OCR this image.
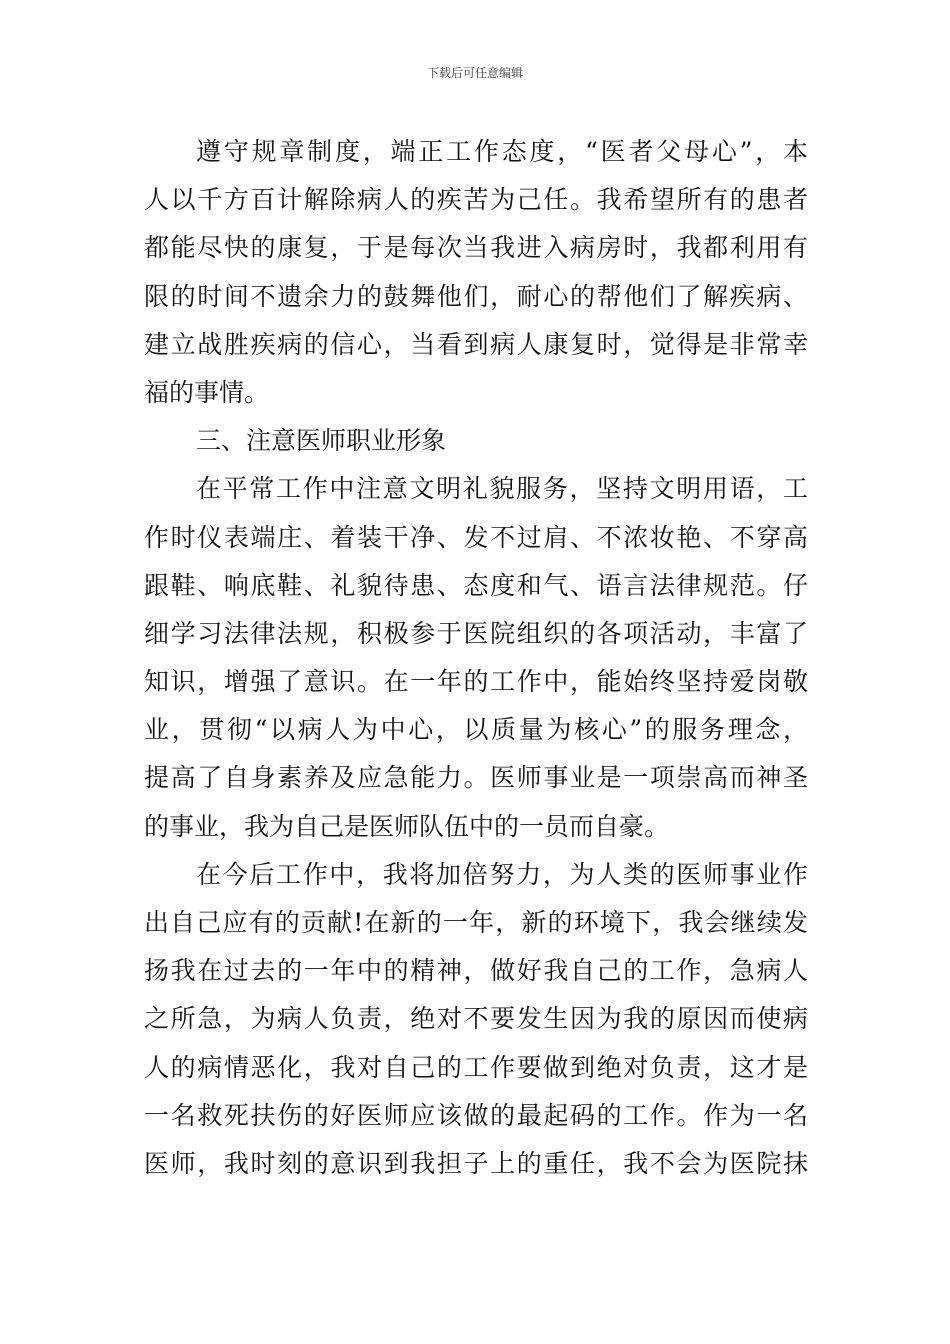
下载后可任意编辑
遵守规章制度，端正工作态度，“医者父母心”，本
人以千方百计解除病人的疾苦为己任。我希望所有的患者
都能尽快的康复，于是每次当我进入病房时，我都利用有
限的时间不遗余力的鼓舞他们，耐心的帮他们了解疾病、
建立战胜疾病的信心，当看到病人康复时，觉得是非常幸
福的事情。
三、注意医师职业形象
在平常工作中注意文明礼貌服务，坚持文明用语，工
作时仪表端庄、着装干净、发不过肩、不浓妆艳、不穿高
跟鞋、响底鞋、礼貌待患、态度和气、语言法律规范。仔
细学习法律法规，积极参于医院组织的各项活动，丰富了
知识，增强了意识。在一年的工作中，能始终坚持爱岗敬
业，贯彻“以病人为中心，以质量为核心”的服务理念，
提高了自身素养及应急能力。医师事业是一项崇高而神圣
的事业，我为自己是医师队伍中的一员而自豪。
在今后工作中，我将加倍努力，为人类的医师事业作
出自己应有的贡献!在新的一年，新的环境下，我会继续发
扬我在过去的一年中的精神，做好我自己的工作，急病人
之所急，为病人负责，绝对不要发生因为我的原因而使病
人的病情恶化，我对自己的工作要做到绝对负责，这才是
一名救死扶伤的好医师应该做的最起码的工作。作为一名
医师，我时刻的意识到我担子上的重任，我不会为医院抹
